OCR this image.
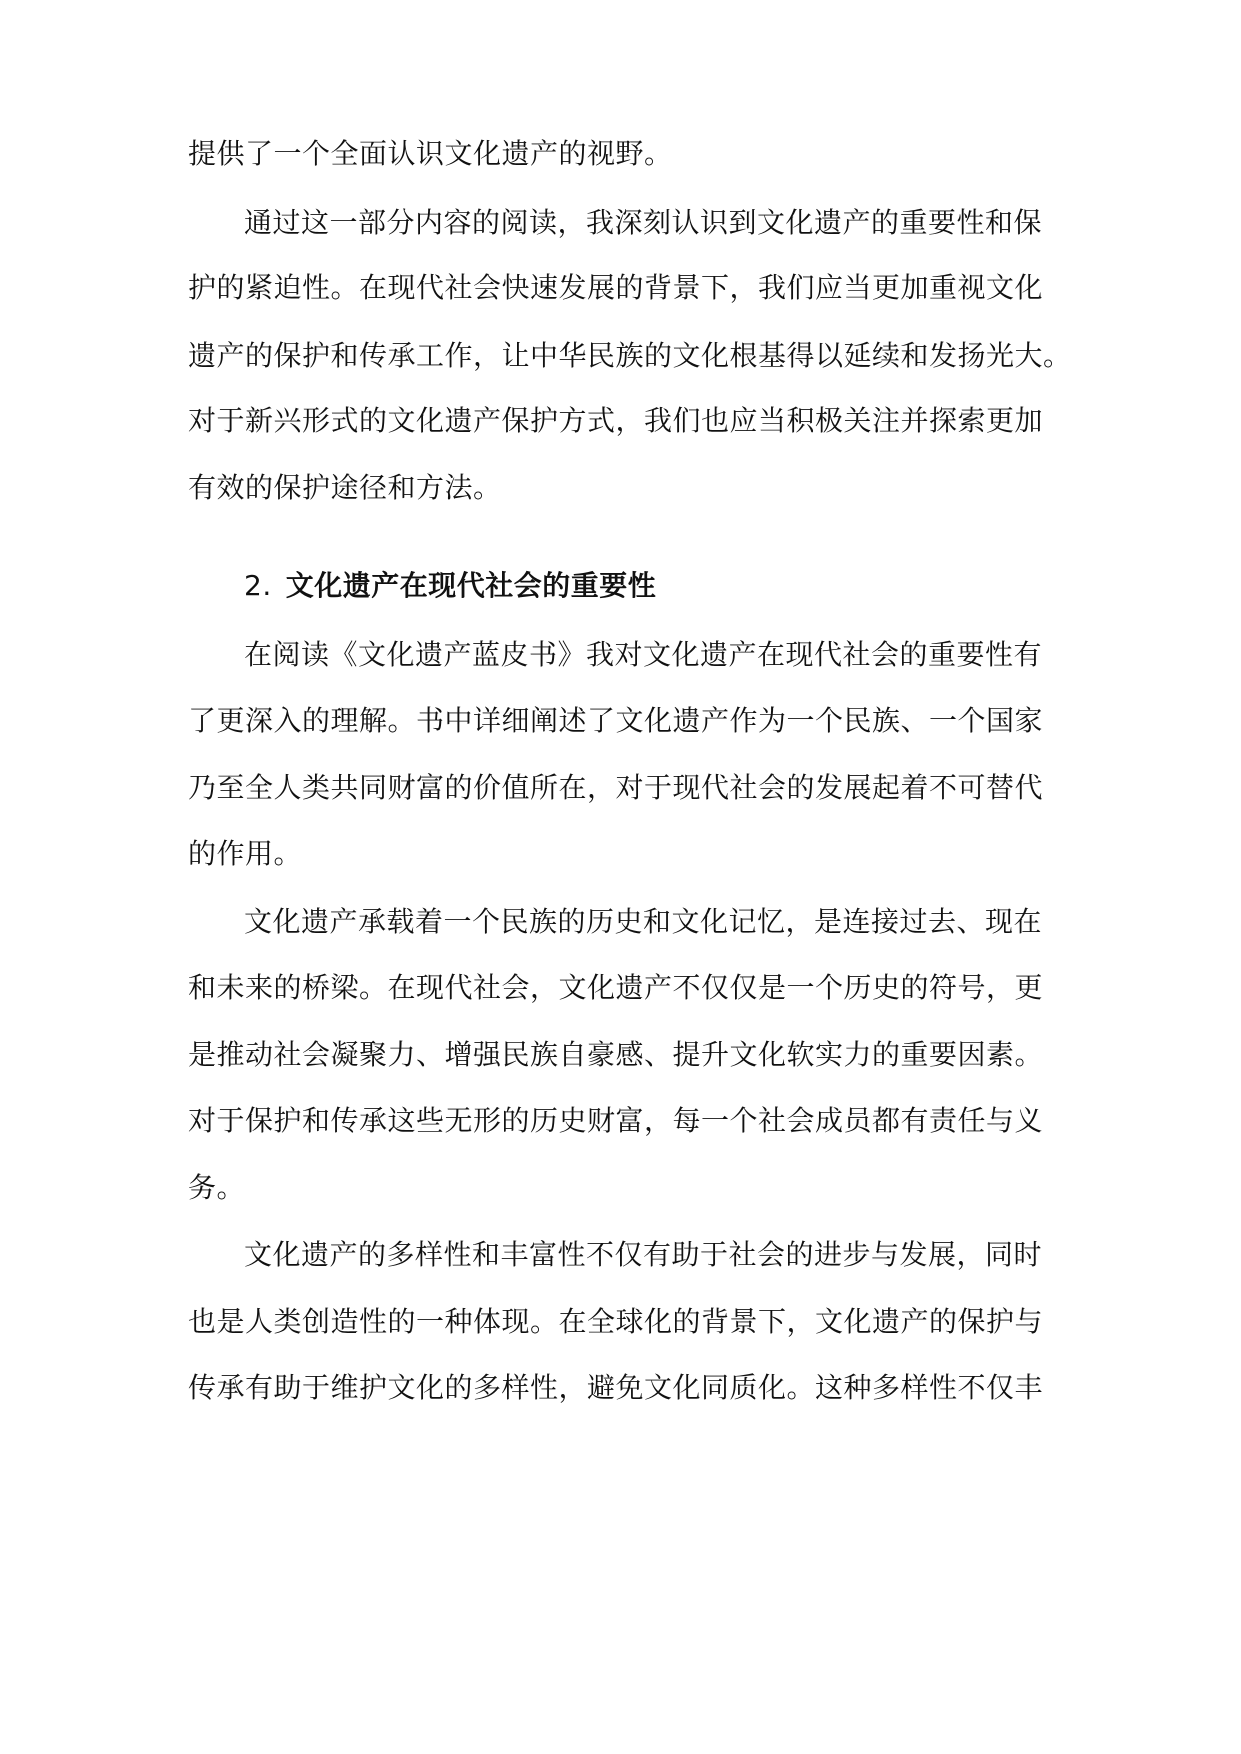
提供了一个全面认识文化遗产的视野。
通过这一部分内容的阅读，我深刻认识到文化遗产的重要性和保
护的紧迫性。在现代社会快速发展的背景下，我们应当更加重视文化
遗产的保护和传承工作，让中华民族的文化根基得以延续和发扬光大。
对于新兴形式的文化遗产保护方式，我们也应当积极关注并探索更加
有效的保护途径和方法。
2. 文化遗产在现代社会的重要性
在阅读《文化遗产蓝皮书》我对文化遗产在现代社会的重要性有
了更深入的理解。书中详细阐述了文化遗产作为一个民族、一个国家
乃至全人类共同财富的价值所在，对于现代社会的发展起着不可替代
的作用。
文化遗产承载着一个民族的历史和文化记忆，是连接过去、现在
和未来的桥梁。在现代社会，文化遗产不仅仅是一个历史的符号，更
是推动社会凝聚力、增强民族自豪感、提升文化软实力的重要因素。
对于保护和传承这些无形的历史财富，每一个社会成员都有责任与义
务。
文化遗产的多样性和丰富性不仅有助于社会的进步与发展，同时
也是人类创造性的一种体现。在全球化的背景下，文化遗产的保护与
传承有助于维护文化的多样性，避免文化同质化。这种多样性不仅丰
